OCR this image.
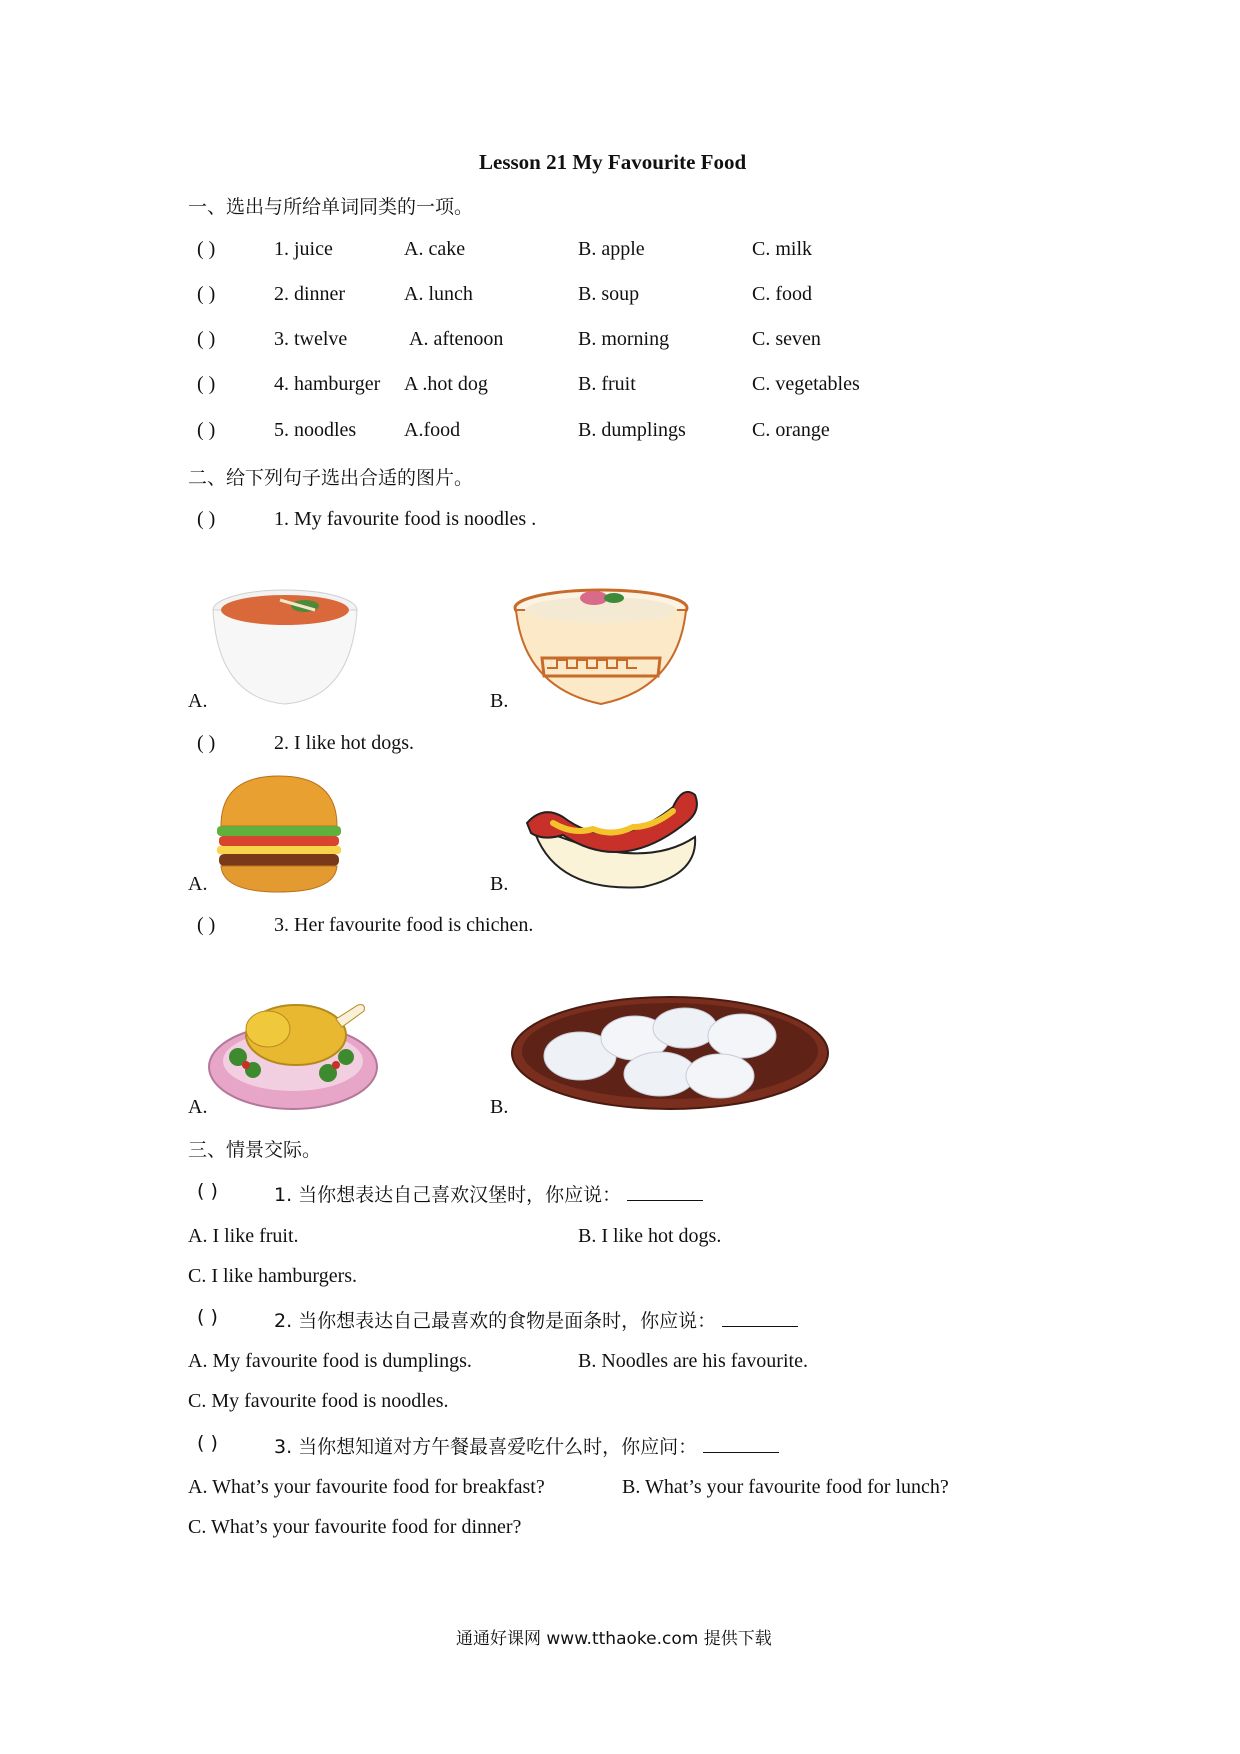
Lesson 21 My Favourite Food
一、选出与所给单词同类的一项。
( )	1. juice	A. cake	B. apple	C. milk
( )	2. dinner	A. lunch	B. soup	C. food
( )	3. twelve	A. aftenoon	B. morning	C. seven
( )	4. hamburger A .hot dog	B. fruit	C. vegetables
( )	5. noodles A.food	B. dumplings	C. orange
二、给下列句子选出合适的图片。
( )	1. My favourite food is noodles .
A.	B.
( )	2. I like hot dogs.
A.	B.
( )	3. Her favourite food is chichen.
A.	B.
三、情景交际。
( )	1. 当你想表达自己喜欢汉堡时，你应说：
A. I like fruit.	B. I like hot dogs.
C. I like hamburgers.
( )	2. 当你想表达自己最喜欢的食物是面条时，你应说：
A. My favourite food is dumplings.	B. Noodles are his favourite.
C. My favourite food is noodles.
( )	3. 当你想知道对方午餐最喜爱吃什么时，你应问：
A. What’s your favourite food for breakfast?	B. What’s your favourite food for lunch?
C. What’s your favourite food for dinner?
通通好课网 www.tthaoke.com 提供下载
